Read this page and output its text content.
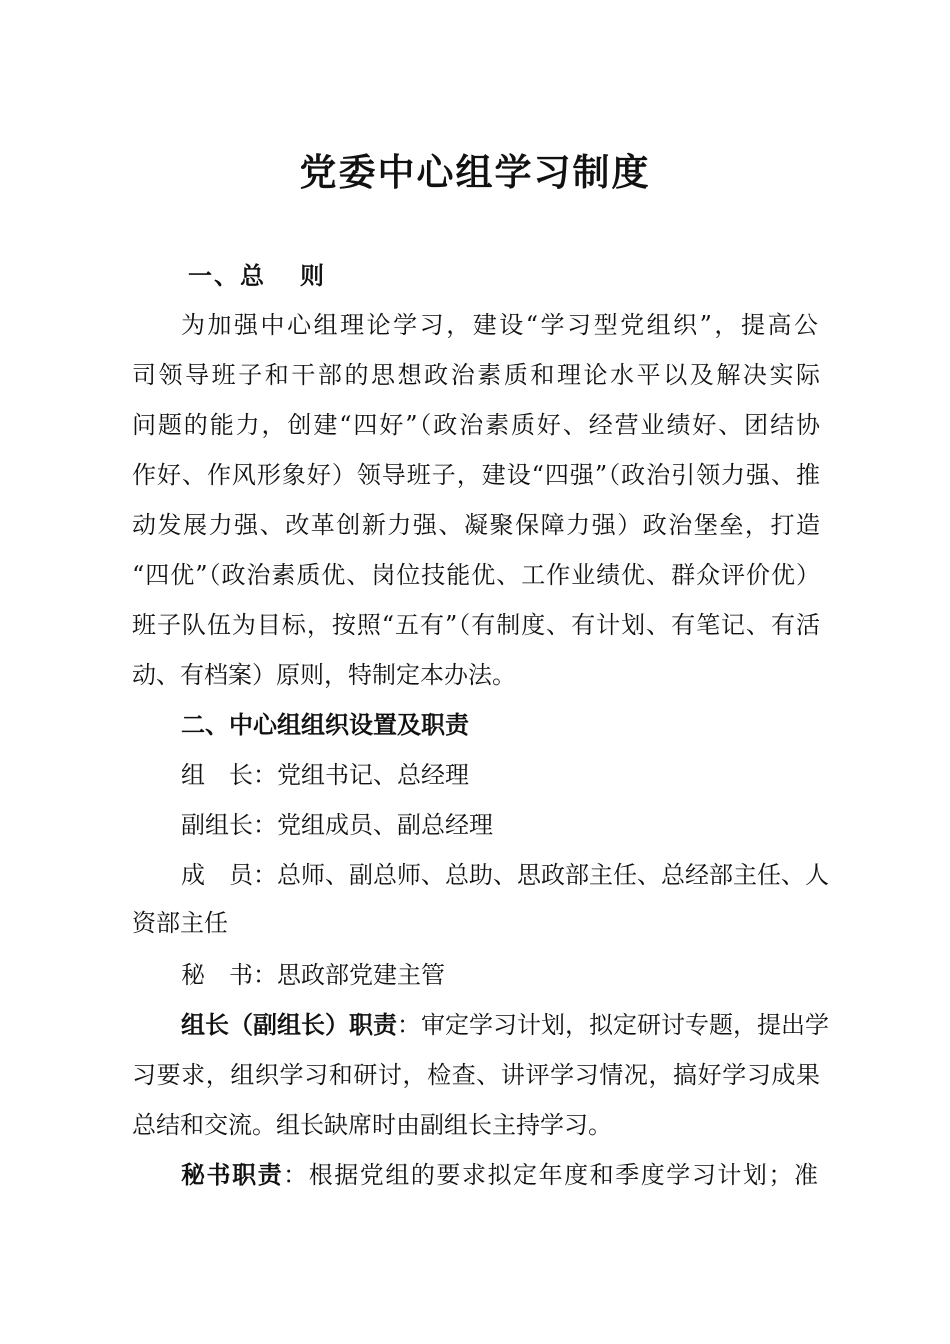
党委中心组学习制度
一、总 则
为加强中心组理论学习，建设“学习型党组织”，提高公
司领导班子和干部的思想政治素质和理论水平以及解决实际
问题的能力，创建“四好”（政治素质好、经营业绩好、团结协
作好、作风形象好）领导班子，建设“四强”（政治引领力强、推
动发展力强、改革创新力强、凝聚保障力强）政治堡垒，打造
“四优”（政治素质优、岗位技能优、工作业绩优、群众评价优）
班子队伍为目标，按照“五有”（有制度、有计划、有笔记、有活
动、有档案）原则，特制定本办法。
二、中心组组织设置及职责
组 长：党组书记、总经理
副组长：党组成员、副总经理
成 员：总师、副总师、总助、思政部主任、总经部主任、人
资部主任
秘 书：思政部党建主管
组长（副组长）职责：审定学习计划，拟定研讨专题，提出学
习要求，组织学习和研讨，检查、讲评学习情况，搞好学习成果
总结和交流。组长缺席时由副组长主持学习。
秘书职责：根据党组的要求拟定年度和季度学习计划；准
